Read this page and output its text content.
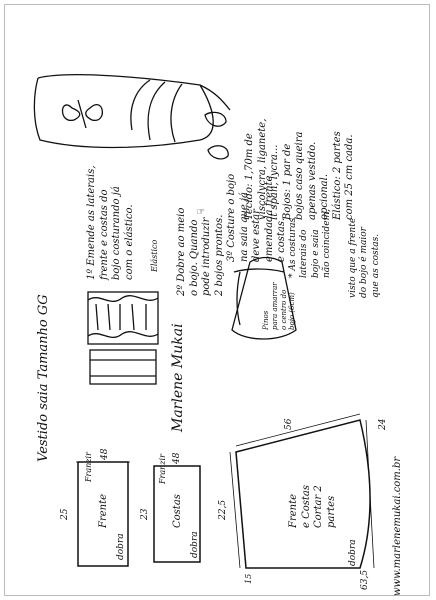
☞
Vestido saia Tamanho GG
Tecido: 1,70m de viscolycra, liganete, it span, lycra... Bojos: 1 par de bojos caso queira apenas vestido. opcional. Elástico: 2 partes com 25 cm cada.
1º Emende as laterais, frente e costas do bojo costurando já com o elástico. Elástico 2º Dobre ao meio o bojo. Quando pode introduzir 2 bojos prontos. 3º Costure o bojo na saia que já deve estar emendada frente e costas. * As costuras laterais do bojo e saia não coincidem, visto que a frente do bojo é maior que as costas.
Pinos para amarrar o centro do bojo (6cm)
Marlene Mukai
Franzir
Frente
dobra
48
25
Franzir
Costas
dobra
48
23	Frente e Costas Cortar 2 partes
dobra
56
22,5
24
15	63,5 www.marlenemukai.com.br
